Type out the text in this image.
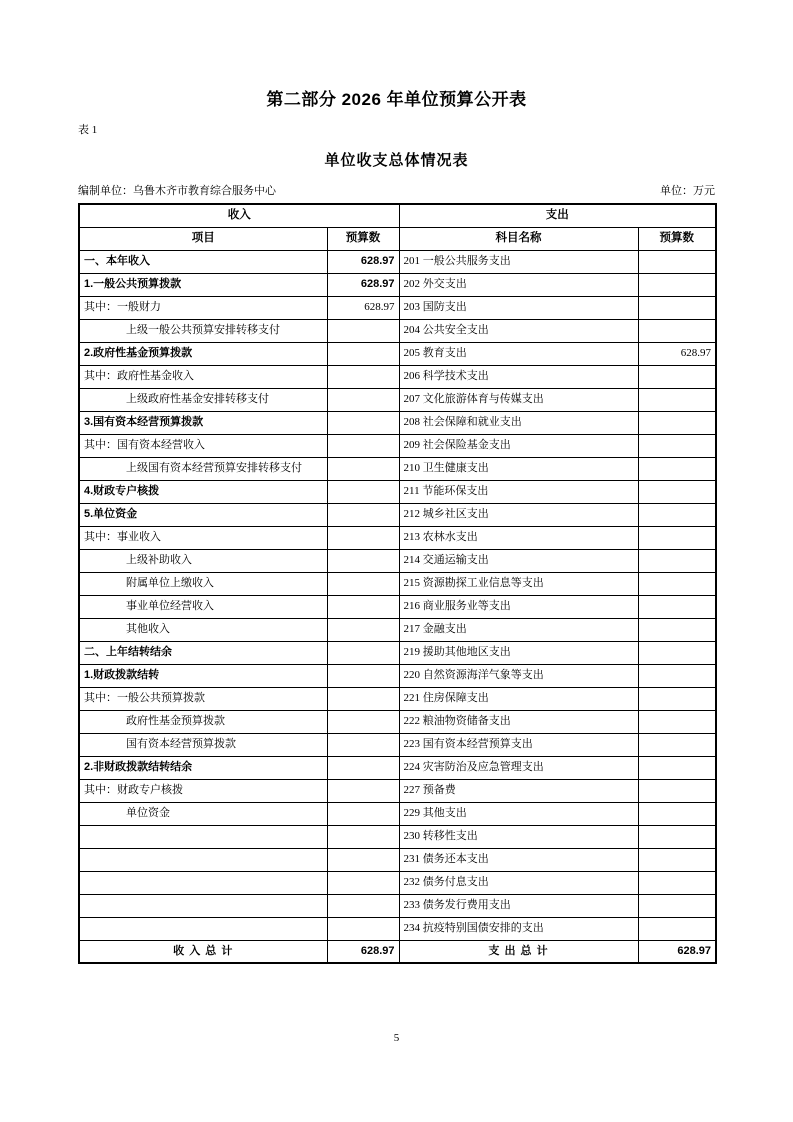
第二部分 2026 年单位预算公开表
表 1
单位收支总体情况表
编制单位：乌鲁木齐市教育综合服务中心	单位：万元
收入		支出	
项目	预算数	科目名称	预算数
一、本年收入	628.97	201 一般公共服务支出	
1.一般公共预算拨款	628.97	202 外交支出	
其中：一般财力	628.97	203 国防支出	
上级一般公共预算安排转移支付		204 公共安全支出	
2.政府性基金预算拨款		205 教育支出	628.97
其中：政府性基金收入		206 科学技术支出	
上级政府性基金安排转移支付		207 文化旅游体育与传媒支出	
3.国有资本经营预算拨款		208 社会保障和就业支出	
其中：国有资本经营收入		209 社会保险基金支出	
上级国有资本经营预算安排转移支付		210 卫生健康支出	
4.财政专户核拨		211 节能环保支出	
5.单位资金		212 城乡社区支出	
其中：事业收入		213 农林水支出	
上级补助收入		214 交通运输支出	
附属单位上缴收入		215 资源勘探工业信息等支出	
事业单位经营收入		216 商业服务业等支出	
其他收入		217 金融支出	
二、上年结转结余		219 援助其他地区支出	
1.财政拨款结转		220 自然资源海洋气象等支出	
其中：一般公共预算拨款		221 住房保障支出	
政府性基金预算拨款		222 粮油物资储备支出	
国有资本经营预算拨款		223 国有资本经营预算支出	
2.非财政拨款结转结余		224 灾害防治及应急管理支出	
其中：财政专户核拨		227 预备费	
单位资金		229 其他支出	
		230 转移性支出	
		231 债务还本支出	
		232 债务付息支出	
		233 债务发行费用支出	
		234 抗疫特别国债安排的支出	
收 入 总 计	628.97	支 出 总 计	628.97
5
